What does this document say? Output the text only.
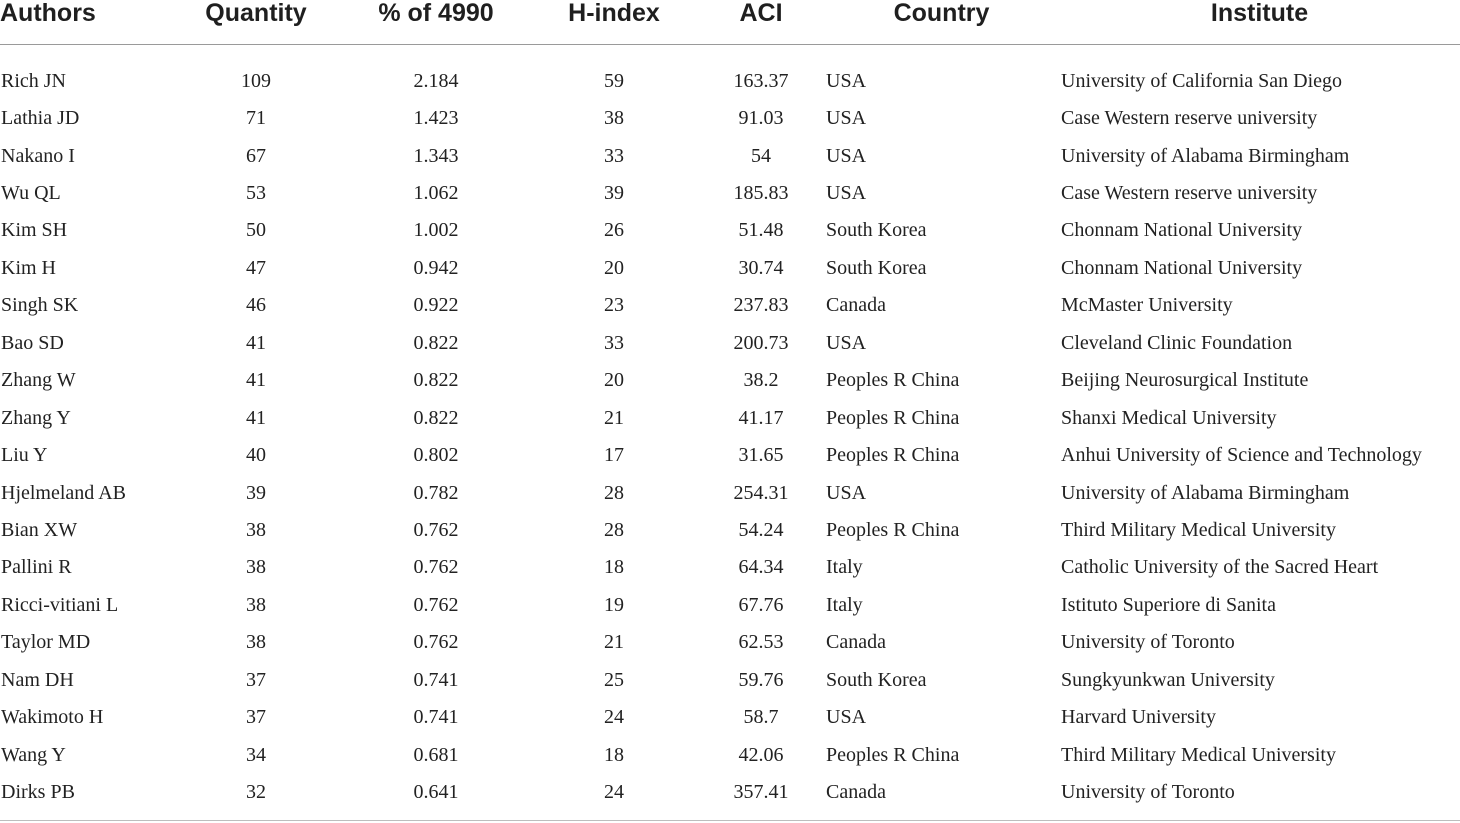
Authors	Quantity	% of 4990	H-index	ACI	Country	Institute
Rich JN	109	2.184	59	163.37	USA	University of California San Diego
Lathia JD	71	1.423	38	91.03	USA	Case Western reserve university
Nakano I	67	1.343	33	54	USA	University of Alabama Birmingham
Wu QL	53	1.062	39	185.83	USA	Case Western reserve university
Kim SH	50	1.002	26	51.48	South Korea	Chonnam National University
Kim H	47	0.942	20	30.74	South Korea	Chonnam National University
Singh SK	46	0.922	23	237.83	Canada	McMaster University
Bao SD	41	0.822	33	200.73	USA	Cleveland Clinic Foundation
Zhang W	41	0.822	20	38.2	Peoples R China	Beijing Neurosurgical Institute
Zhang Y	41	0.822	21	41.17	Peoples R China	Shanxi Medical University
Liu Y	40	0.802	17	31.65	Peoples R China	Anhui University of Science and Technology
Hjelmeland AB	39	0.782	28	254.31	USA	University of Alabama Birmingham
Bian XW	38	0.762	28	54.24	Peoples R China	Third Military Medical University
Pallini R	38	0.762	18	64.34	Italy	Catholic University of the Sacred Heart
Ricci-vitiani L	38	0.762	19	67.76	Italy	Istituto Superiore di Sanita
Taylor MD	38	0.762	21	62.53	Canada	University of Toronto
Nam DH	37	0.741	25	59.76	South Korea	Sungkyunkwan University
Wakimoto H	37	0.741	24	58.7	USA	Harvard University
Wang Y	34	0.681	18	42.06	Peoples R China	Third Military Medical University
Dirks PB	32	0.641	24	357.41	Canada	University of Toronto
